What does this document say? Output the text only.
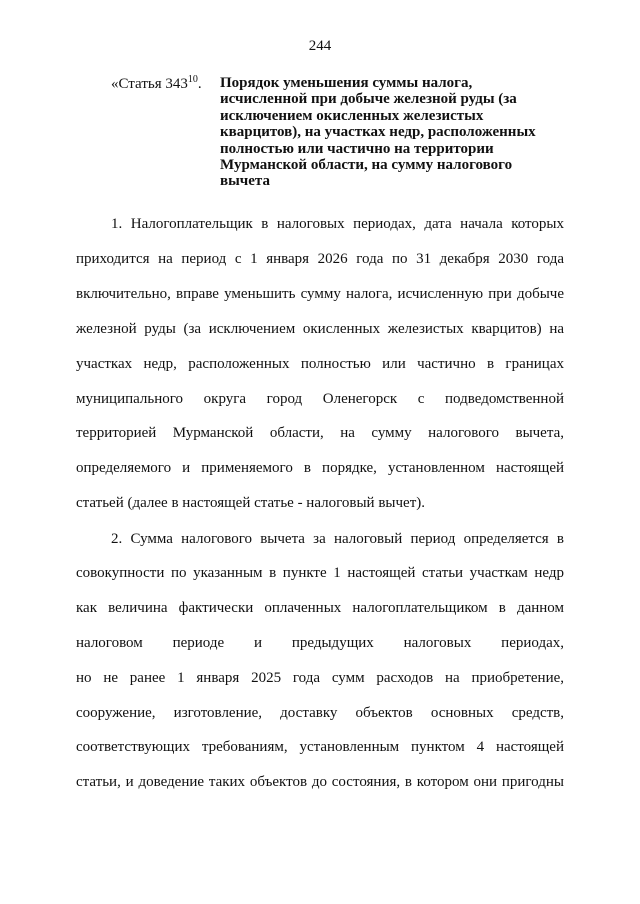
244
«Статья $343^{10}$. Порядок уменьшения суммы налога, исчисленной при добыче железной руды (за исключением окисленных железистых кварцитов), на участках недр, расположенных полностью или частично на территории Мурманской области, на сумму налогового вычета
1. Налогоплательщик в налоговых периодах, дата начала которых
приходится на период с 1 января 2026 года по 31 декабря 2030 года
включительно, вправе уменьшить сумму налога, исчисленную при добыче
железной руды (за исключением окисленных железистых кварцитов) на
участках недр, расположенных полностью или частично в границах
муниципального округа город Оленегорск с подведомственной
территорией Мурманской области, на сумму налогового вычета,
определяемого и применяемого в порядке, установленном настоящей
статьей (далее в настоящей статье - налоговый вычет).
2. Сумма налогового вычета за налоговый период определяется в
совокупности по указанным в пункте 1 настоящей статьи участкам недр
как величина фактически оплаченных налогоплательщиком в данном
налоговом периоде и предыдущих налоговых периодах,
но не ранее 1 января 2025 года сумм расходов на приобретение,
сооружение, изготовление, доставку объектов основных средств,
соответствующих требованиям, установленным пунктом 4 настоящей
статьи, и доведение таких объектов до состояния, в котором они пригодны
